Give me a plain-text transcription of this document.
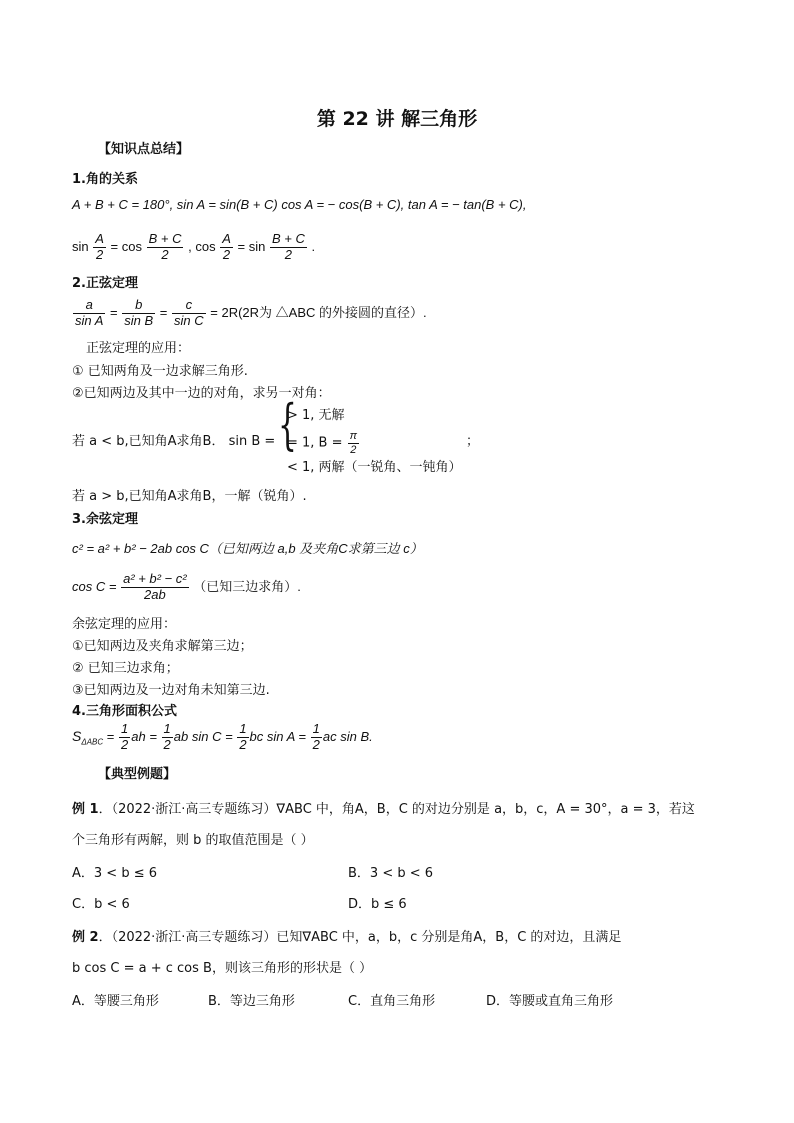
第 22 讲 解三角形
【知识点总结】
1.角的关系
A + B + C = 180°, sin A = sin(B + C) cos A = − cos(B + C), tan A = − tan(B + C),
$\sin \frac{A}{2} = \cos \frac{B + C}{2}$ , $\cos \frac{A}{2} = \sin \frac{B + C}{2}$ .
2.正弦定理
$\frac{a}{\text{sin A}} = \frac{b}{\text{sin B}} = \frac{c}{\text{sin C}} = 2R(2R$为 △ABC 的外接圆的直径）.
正弦定理的应用：
① 已知两角及一边求解三角形.
②已知两边及其中一边的对角，求另一对角：
若 a < b,已知角A求角B． sin B = {
> 1, 无解
= 1, $B = \frac{\pi}{2}$
< 1, 两解（一锐角、一钝角）
；
若 a > b,已知角A求角B，一解（锐角）.
3.余弦定理
c² = a² + b² − 2ab cos C（已知两边 a,b 及夹角C求第三边 c）
$\cos C = \frac{\text{a² + b² − c²}}{2ab}$ （已知三边求角）.
余弦定理的应用：
①已知两边及夹角求解第三边；
② 已知三边求角；
③已知两边及一边对角未知第三边.
4.三角形面积公式
$S_{\Delta ABC} = \frac{1}{2}$ ah = $\frac{1}{2}$ ab $\sin C = \frac{1}{2}$ bc $\sin A = \frac{1}{2}$ ac sin B.
【典型例题】
例 1．（2022·浙江·高三专题练习）∇ABC 中，角A，B，C 的对边分别是 a，b，c，A = 30°，a = 3，若这
个三角形有两解，则 b 的取值范围是（ ）
A．3 < b ≤ 6	B．3 < b < 6
C．b < 6	D．b ≤ 6
例 2．（2022·浙江·高三专题练习）已知∇ABC 中，a，b，c 分别是角A，B，C 的对边，且满足
b cos C = a + c cos B，则该三角形的形状是（ ）
A．等腰三角形	B．等边三角形	C．直角三角形	D．等腰或直角三角形
